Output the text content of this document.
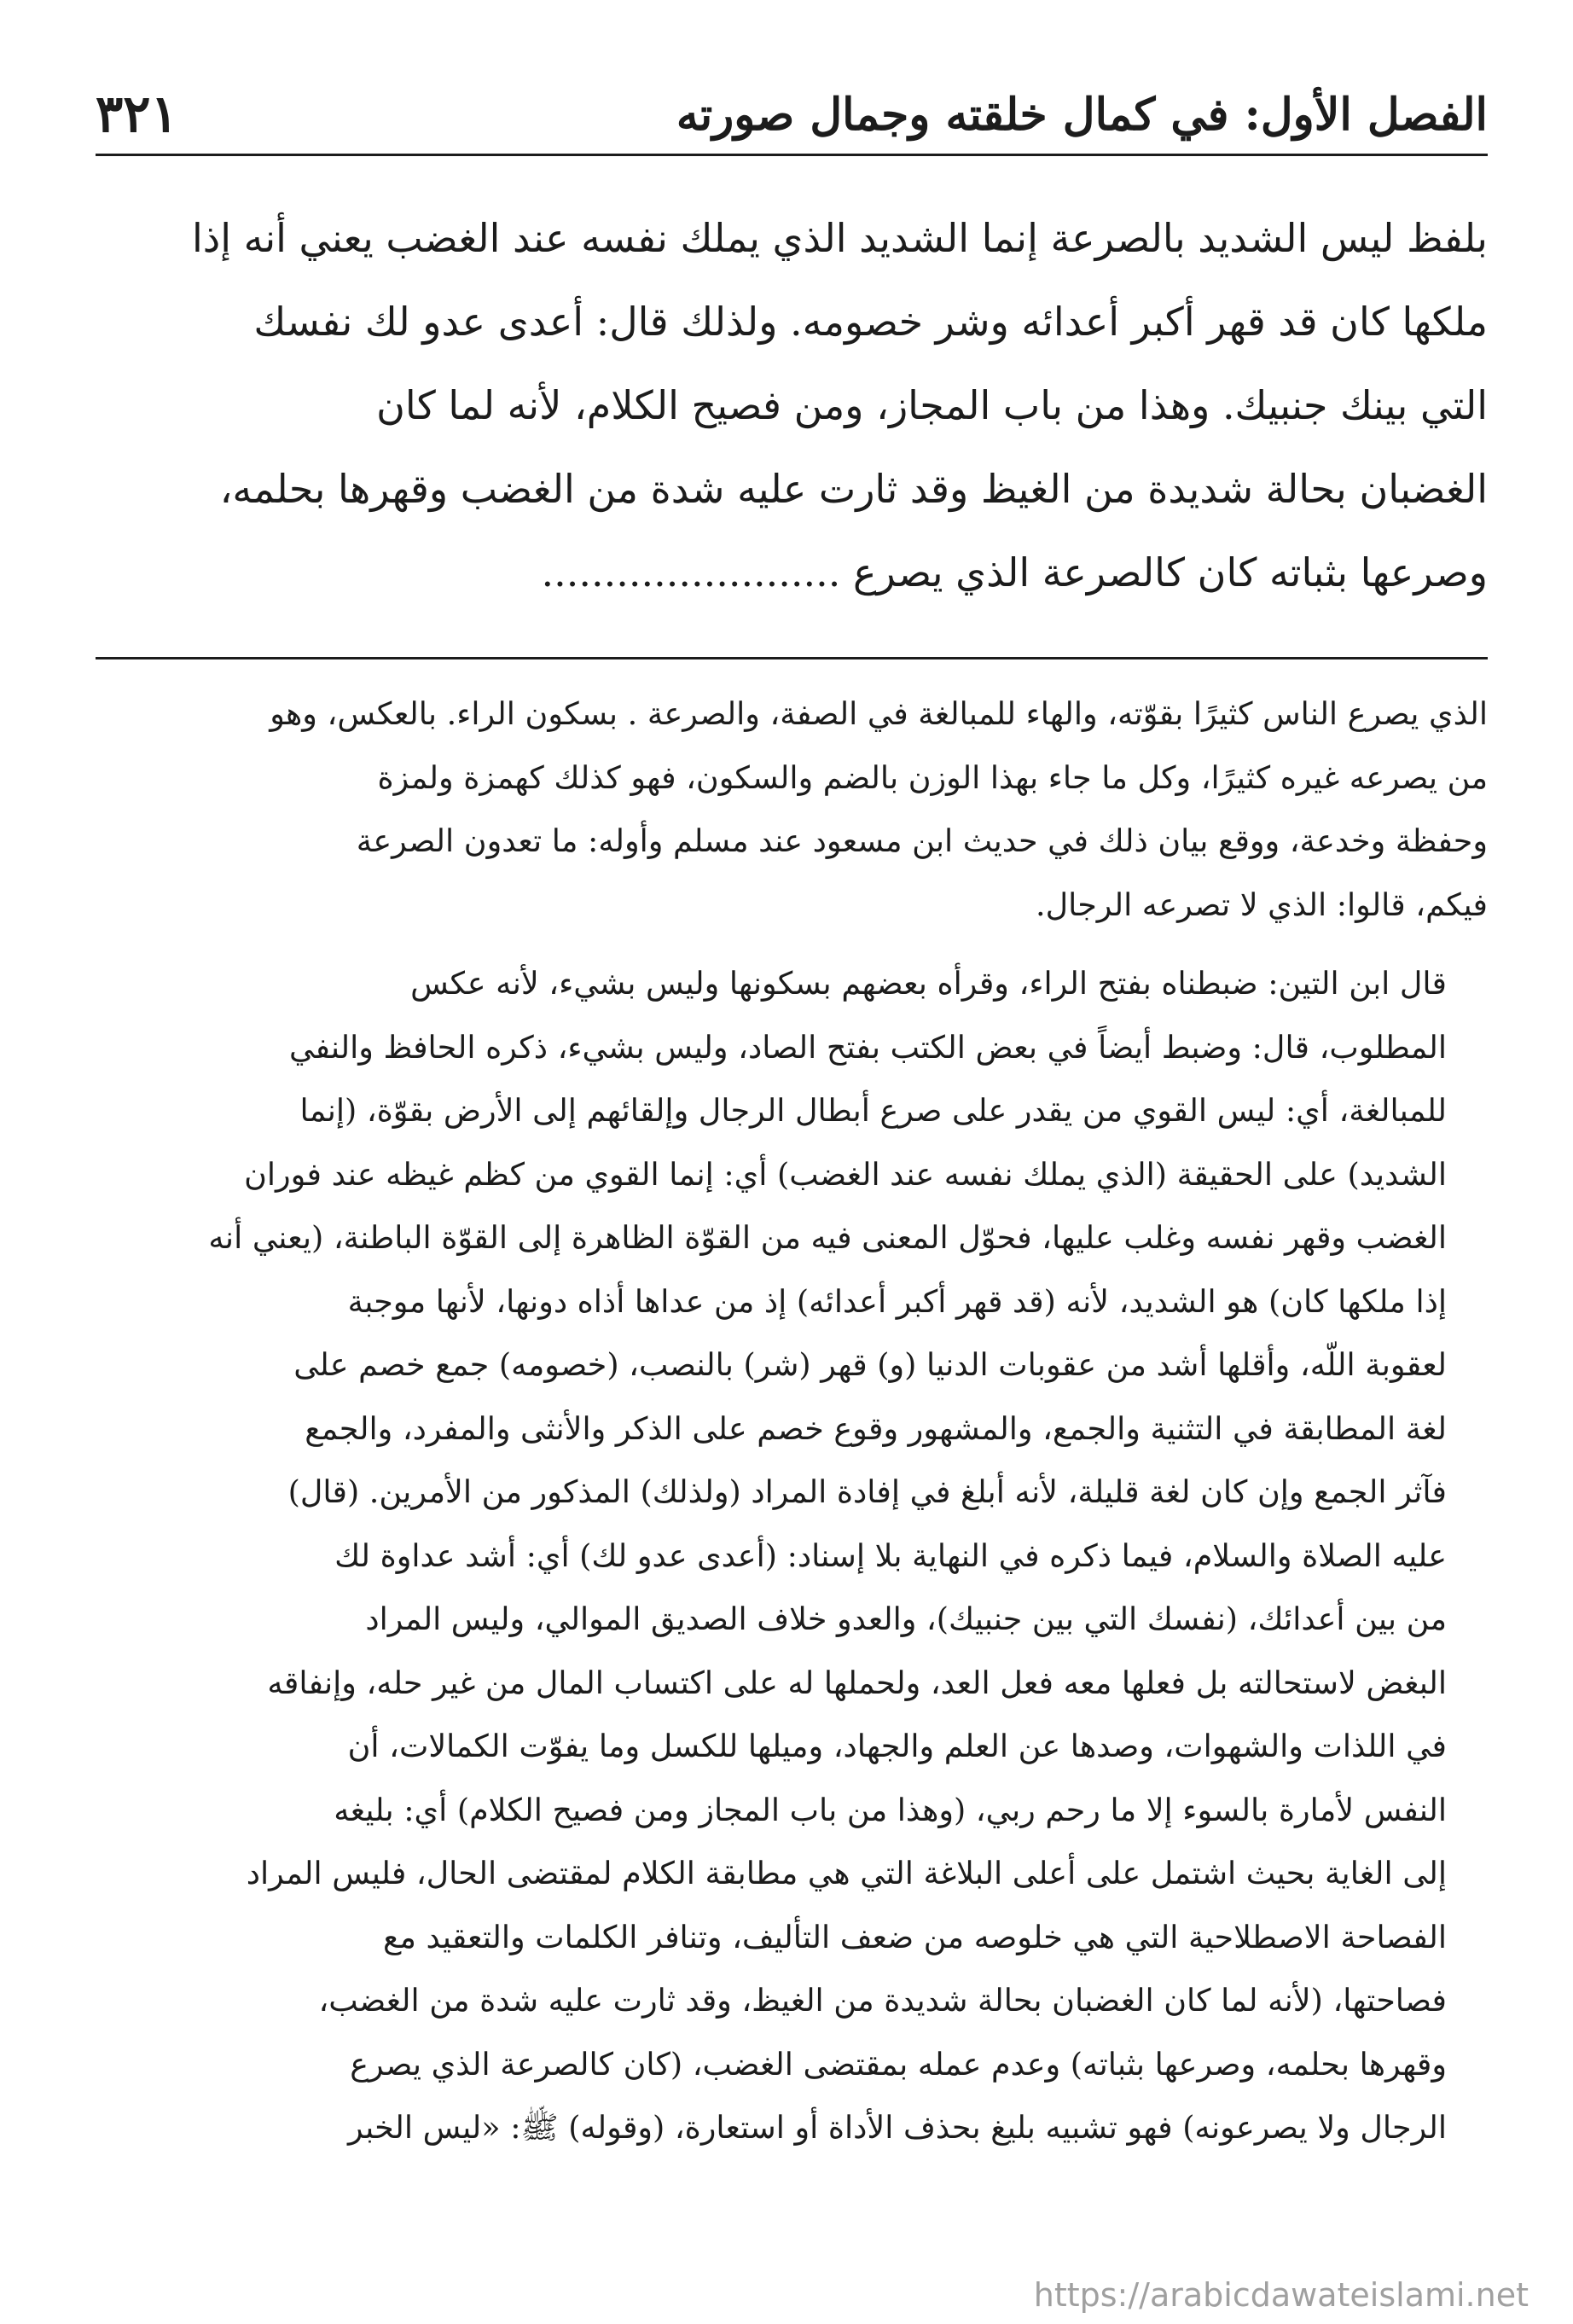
٣٢١	الفصل الأول: في كمال خلقته وجمال صورته
بلفظ ليس الشديد بالصرعة إنما الشديد الذي يملك نفسه عند الغضب يعني أنه إذا
ملكها كان قد قهر أكبر أعدائه وشر خصومه. ولذلك قال: أعدى عدو لك نفسك
التي بينك جنبيك. وهذا من باب المجاز، ومن فصيح الكلام، لأنه لما كان
الغضبان بحالة شديدة من الغيظ وقد ثارت عليه شدة من الغضب وقهرها بحلمه،
وصرعها بثباته كان كالصرعة الذي يصرع ........................

الذي يصرع الناس كثيرًا بقوّته، والهاء للمبالغة في الصفة، والصرعة . بسكون الراء. بالعكس، وهو
من يصرعه غيره كثيرًا، وكل ما جاء بهذا الوزن بالضم والسكون، فهو كذلك كهمزة ولمزة
وحفظة وخدعة، ووقع بيان ذلك في حديث ابن مسعود عند مسلم وأوله: ما تعدون الصرعة
فيكم، قالوا: الذي لا تصرعه الرجال.

قال ابن التين: ضبطناه بفتح الراء، وقرأه بعضهم بسكونها وليس بشيء، لأنه عكس
المطلوب، قال: وضبط أيضاً في بعض الكتب بفتح الصاد، وليس بشيء، ذكره الحافظ والنفي
للمبالغة، أي: ليس القوي من يقدر على صرع أبطال الرجال وإلقائهم إلى الأرض بقوّة، (إنما
الشديد) على الحقيقة (الذي يملك نفسه عند الغضب) أي: إنما القوي من كظم غيظه عند فوران
الغضب وقهر نفسه وغلب عليها، فحوّل المعنى فيه من القوّة الظاهرة إلى القوّة الباطنة، (يعني أنه
إذا ملكها كان) هو الشديد، لأنه (قد قهر أكبر أعدائه) إذ من عداها أذاه دونها، لأنها موجبة
لعقوبة اللّه، وأقلها أشد من عقوبات الدنيا (و) قهر (شر) بالنصب، (خصومه) جمع خصم على
لغة المطابقة في التثنية والجمع، والمشهور وقوع خصم على الذكر والأنثى والمفرد، والجمع
فآثر الجمع وإن كان لغة قليلة، لأنه أبلغ في إفادة المراد (ولذلك) المذكور من الأمرين. (قال)
عليه الصلاة والسلام، فيما ذكره في النهاية بلا إسناد: (أعدى عدو لك) أي: أشد عداوة لك
من بين أعدائك، (نفسك التي بين جنبيك)، والعدو خلاف الصديق الموالي، وليس المراد
البغض لاستحالته بل فعلها معه فعل العد، ولحملها له على اكتساب المال من غير حله، وإنفاقه
في اللذات والشهوات، وصدها عن العلم والجهاد، وميلها للكسل وما يفوّت الكمالات، أن
النفس لأمارة بالسوء إلا ما رحم ربي، (وهذا من باب المجاز ومن فصيح الكلام) أي: بليغه
إلى الغاية بحيث اشتمل على أعلى البلاغة التي هي مطابقة الكلام لمقتضى الحال، فليس المراد
الفصاحة الاصطلاحية التي هي خلوصه من ضعف التأليف، وتنافر الكلمات والتعقيد مع
فصاحتها، (لأنه لما كان الغضبان بحالة شديدة من الغيظ، وقد ثارت عليه شدة من الغضب،
وقهرها بحلمه، وصرعها بثباته) وعدم عمله بمقتضى الغضب، (كان كالصرعة الذي يصرع
الرجال ولا يصرعونه) فهو تشبيه بليغ بحذف الأداة أو استعارة، (وقوله) ﷺ: «ليس الخبر

https://arabicdawateislami.net
